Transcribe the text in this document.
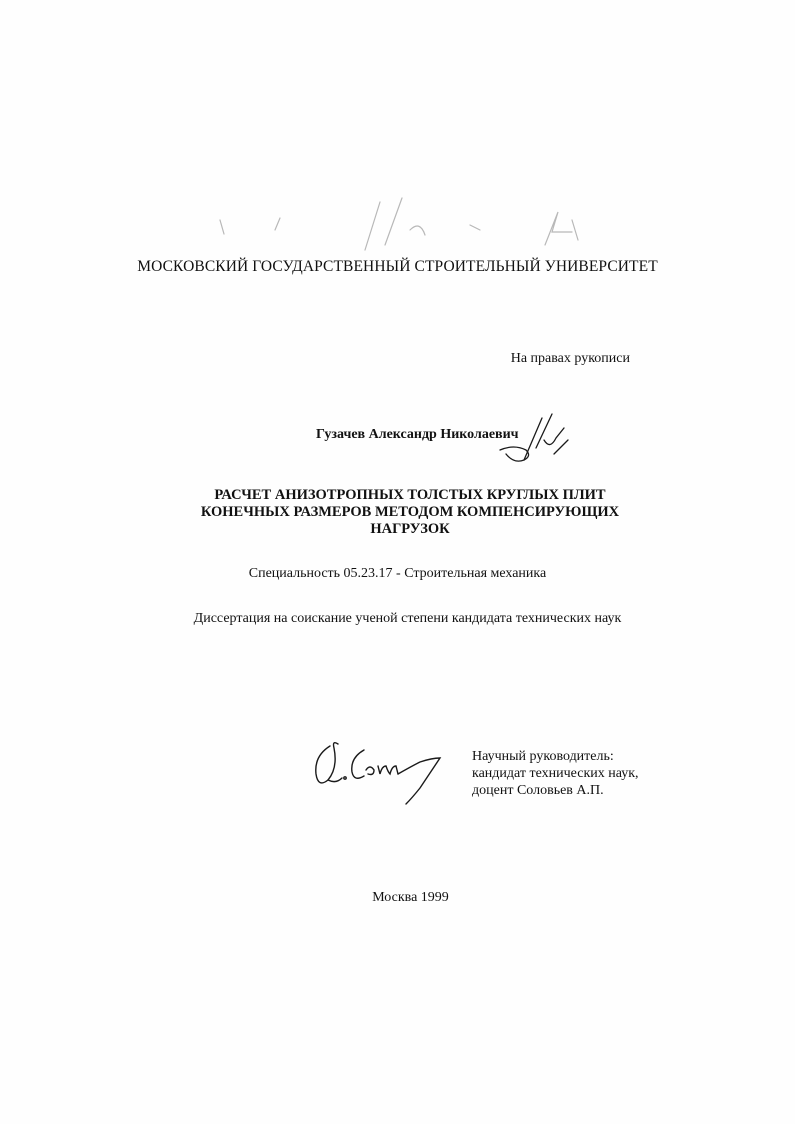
МОСКОВСКИЙ ГОСУДАРСТВЕННЫЙ СТРОИТЕЛЬНЫЙ УНИВЕРСИТЕТ
На правах рукописи
Гузачев Александр Николаевич
РАСЧЕТ АНИЗОТРОПНЫХ ТОЛСТЫХ КРУГЛЫХ ПЛИТ
КОНЕЧНЫХ РАЗМЕРОВ МЕТОДОМ КОМПЕНСИРУЮЩИХ
НАГРУЗОК
Специальность 05.23.17 - Строительная механика
Диссертация на соискание ученой степени кандидата технических наук
Научный руководитель:
кандидат технических наук,
доцент Соловьев А.П.
Москва 1999
